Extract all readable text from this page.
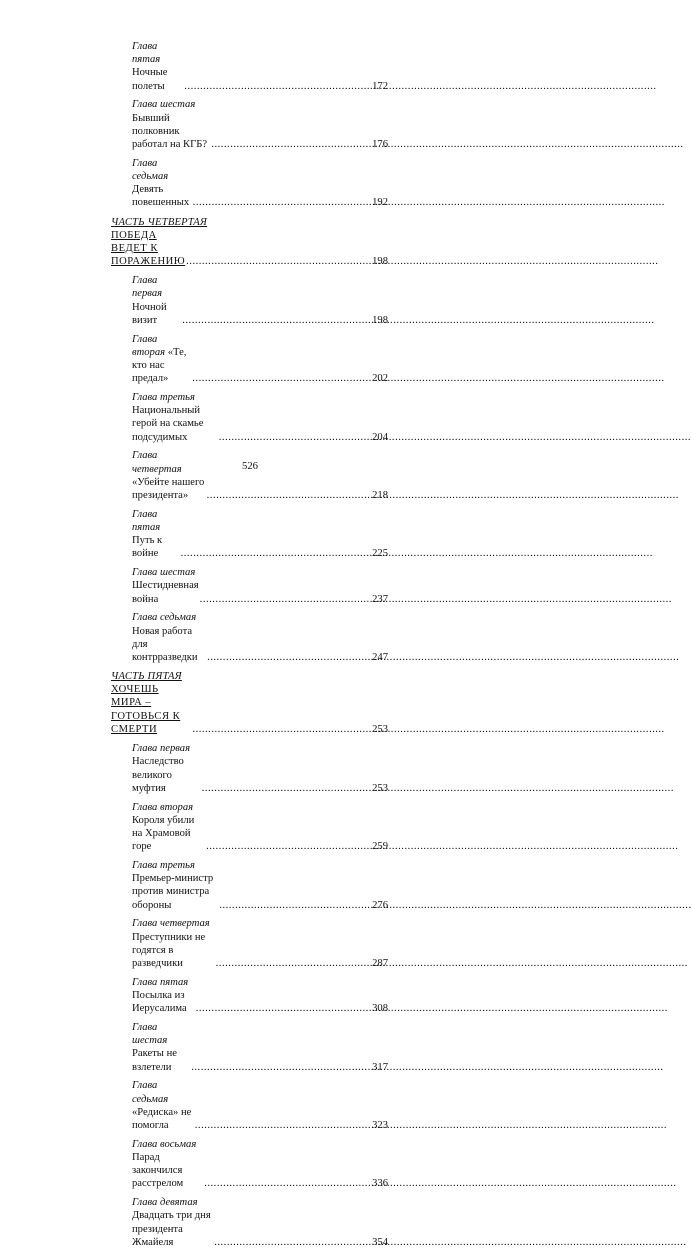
Глава пятая Ночные полеты .....	172
Глава шестая Бывший полковник работал на КГБ? .....	176
Глава седьмая Девять повешенных .....	192
ЧАСТЬ ЧЕТВЕРТАЯ
ПОБЕДА ВЕДЕТ К ПОРАЖЕНИЮ .....	198
Глава первая Ночной визит .....	198
Глава вторая «Те, кто нас предал» .....	202
Глава третья Национальный герой на скамье подсудимых .....	204
Глава четвертая «Убейте нашего президента» .....	218
Глава пятая Путь к войне .....	225
Глава шестая Шестидневная война .....	237
Глава седьмая Новая работа для контрразведки .....	247
ЧАСТЬ ПЯТАЯ
ХОЧЕШЬ МИРА – ГОТОВЬСЯ К СМЕРТИ .....	253
Глава первая Наследство великого муфтия .....	253
Глава вторая Короля убили на Храмовой горе .....	259
Глава третья Премьер-министр против министра обороны .....	276
Глава четвертая Преступники не годятся в разведчики .....	287
Глава пятая Посылка из Иерусалима .....	308
Глава шестая Ракеты не взлетели .....	317
Глава седьмая «Редиска» не помогла .....	323
Глава восьмая Парад закончился расстрелом .....	336
Глава девятая Двадцать три дня президента Жмайеля .....	354
526
